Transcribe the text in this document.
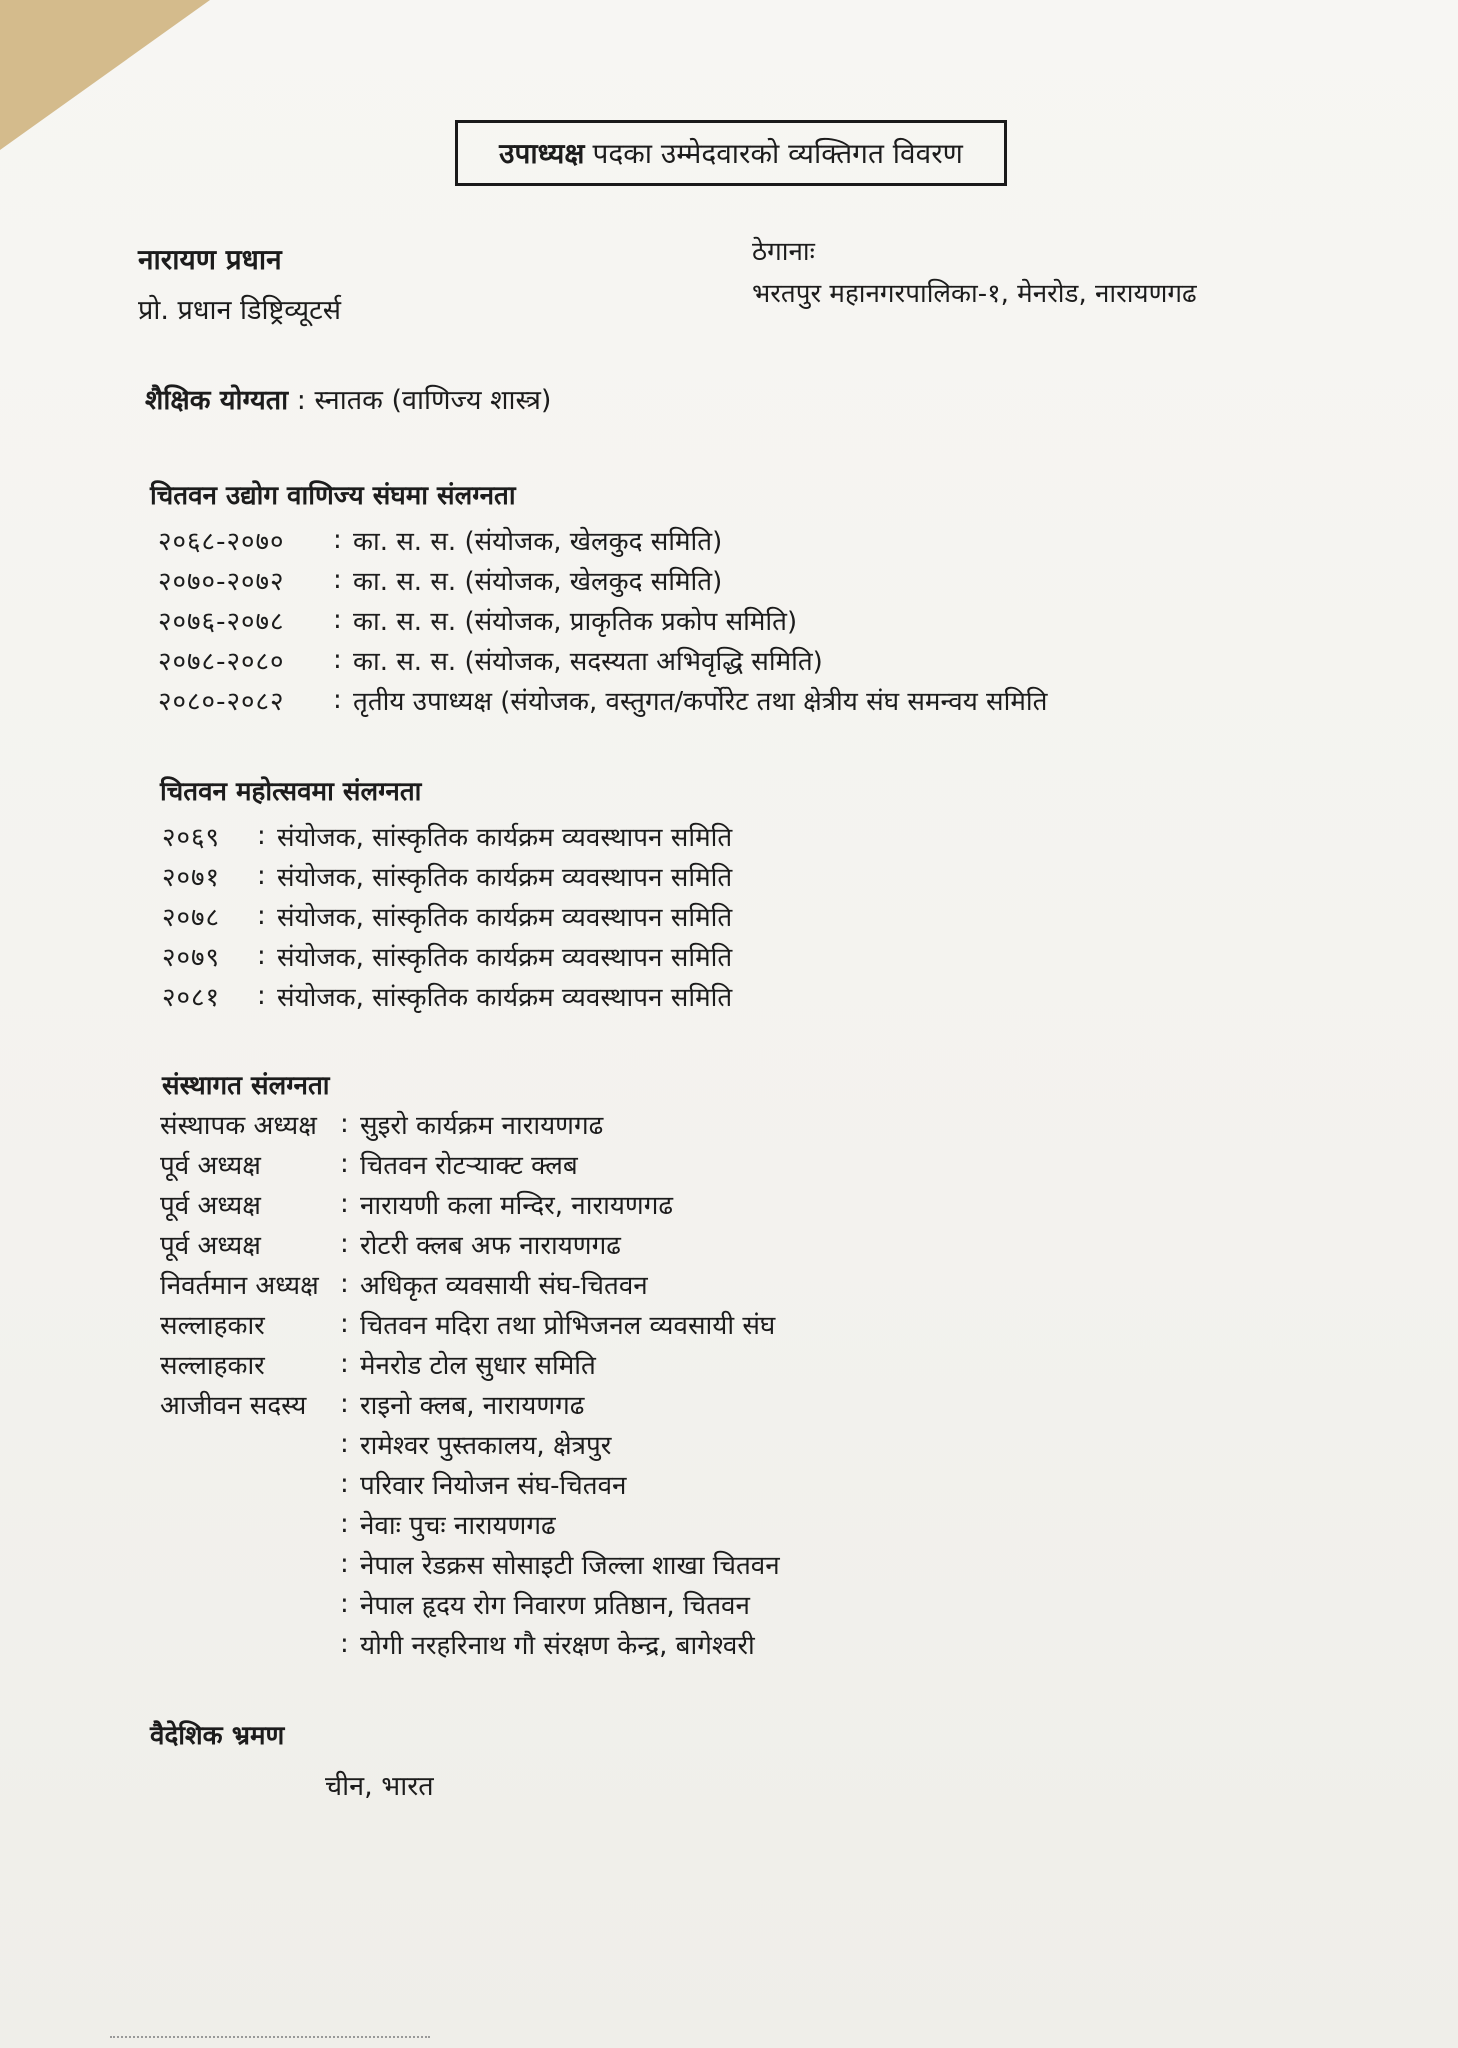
उपाध्यक्ष पदका उम्मेदवारको व्यक्तिगत विवरण
नारायण प्रधान
प्रो. प्रधान डिष्ट्रिव्यूटर्स
ठेगानाः
भरतपुर महानगरपालिका-१, मेनरोड, नारायणगढ
शैक्षिक योग्यता : स्नातक (वाणिज्य शास्त्र)
चितवन उद्योग वाणिज्य संघमा संलग्नता
२०६८-२०७०	: का. स. स. (संयोजक, खेलकुद समिति)
२०७०-२०७२	: का. स. स. (संयोजक, खेलकुद समिति)
२०७६-२०७८	: का. स. स. (संयोजक, प्राकृतिक प्रकोप समिति)
२०७८-२०८०	: का. स. स. (संयोजक, सदस्यता अभिवृद्धि समिति)
२०८०-२०८२	: तृतीय उपाध्यक्ष (संयोजक, वस्तुगत/कर्पोरेट तथा क्षेत्रीय संघ समन्वय समिति
चितवन महोत्सवमा संलग्नता
२०६९	: संयोजक, सांस्कृतिक कार्यक्रम व्यवस्थापन समिति
२०७१	: संयोजक, सांस्कृतिक कार्यक्रम व्यवस्थापन समिति
२०७८	: संयोजक, सांस्कृतिक कार्यक्रम व्यवस्थापन समिति
२०७९	: संयोजक, सांस्कृतिक कार्यक्रम व्यवस्थापन समिति
२०८१	: संयोजक, सांस्कृतिक कार्यक्रम व्यवस्थापन समिति
संस्थागत संलग्नता
संस्थापक अध्यक्ष : सुइरो कार्यक्रम नारायणगढ
पूर्व अध्यक्ष	: चितवन रोटर्‍याक्ट क्लब
पूर्व अध्यक्ष	: नारायणी कला मन्दिर, नारायणगढ
पूर्व अध्यक्ष	: रोटरी क्लब अफ नारायणगढ
निवर्तमान अध्यक्ष : अधिकृत व्यवसायी संघ-चितवन
सल्लाहकार	: चितवन मदिरा तथा प्रोभिजनल व्यवसायी संघ
सल्लाहकार	: मेनरोड टोल सुधार समिति
आजीवन सदस्य	: राइनो क्लब, नारायणगढ
: रामेश्वर पुस्तकालय, क्षेत्रपुर
: परिवार नियोजन संघ-चितवन
: नेवाः पुचः नारायणगढ
: नेपाल रेडक्रस सोसाइटी जिल्ला शाखा चितवन
: नेपाल हृदय रोग निवारण प्रतिष्ठान, चितवन
: योगी नरहरिनाथ गौ संरक्षण केन्द्र, बागेश्वरी
वैदेशिक भ्रमण
चीन, भारत
